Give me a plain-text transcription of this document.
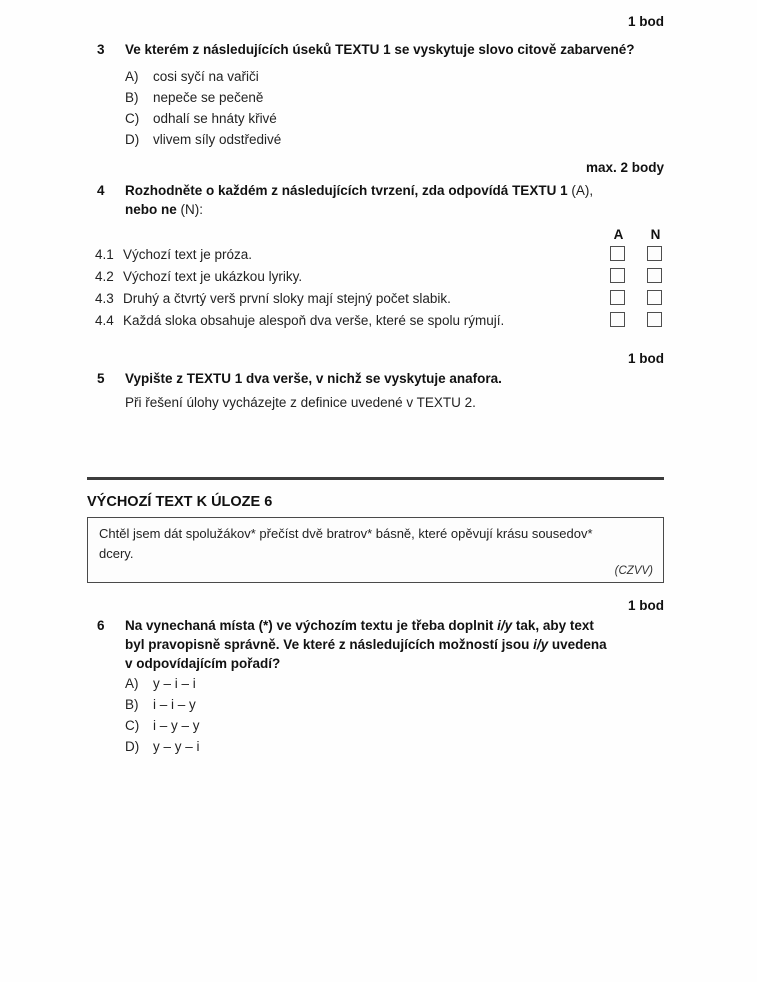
1 bod
3 Ve kterém z následujících úseků TEXTU 1 se vyskytuje slovo citově zabarvené?
A) cosi syčí na vařiči
B) nepeče se pečeně
C) odhalí se hnáty křivé
D) vlivem síly odstředivé
max. 2 body
4 Rozhodněte o každém z následujících tvrzení, zda odpovídá TEXTU 1 (A),
nebo ne (N):
A N
4.1 Výchozí text je próza.
4.2 Výchozí text je ukázkou lyriky.
4.3 Druhý a čtvrtý verš první sloky mají stejný počet slabik.
4.4 Každá sloka obsahuje alespoň dva verše, které se spolu rýmují.
1 bod
5 Vypište z TEXTU 1 dva verše, v nichž se vyskytuje anafora.
Při řešení úlohy vycházejte z definice uvedené v TEXTU 2.
VÝCHOZÍ TEXT K ÚLOZE 6
Chtěl jsem dát spolužákov* přečíst dvě bratrov* básně, které opěvují krásu sousedov*
dcery.
(CZVV)
1 bod
6 Na vynechaná místa (*) ve výchozím textu je třeba doplnit i/y tak, aby text
byl pravopisně správně. Ve které z následujících možností jsou i/y uvedena
v odpovídajícím pořadí?
A) y – i – i
B) i – i – y
C) i – y – y
D) y – y – i
